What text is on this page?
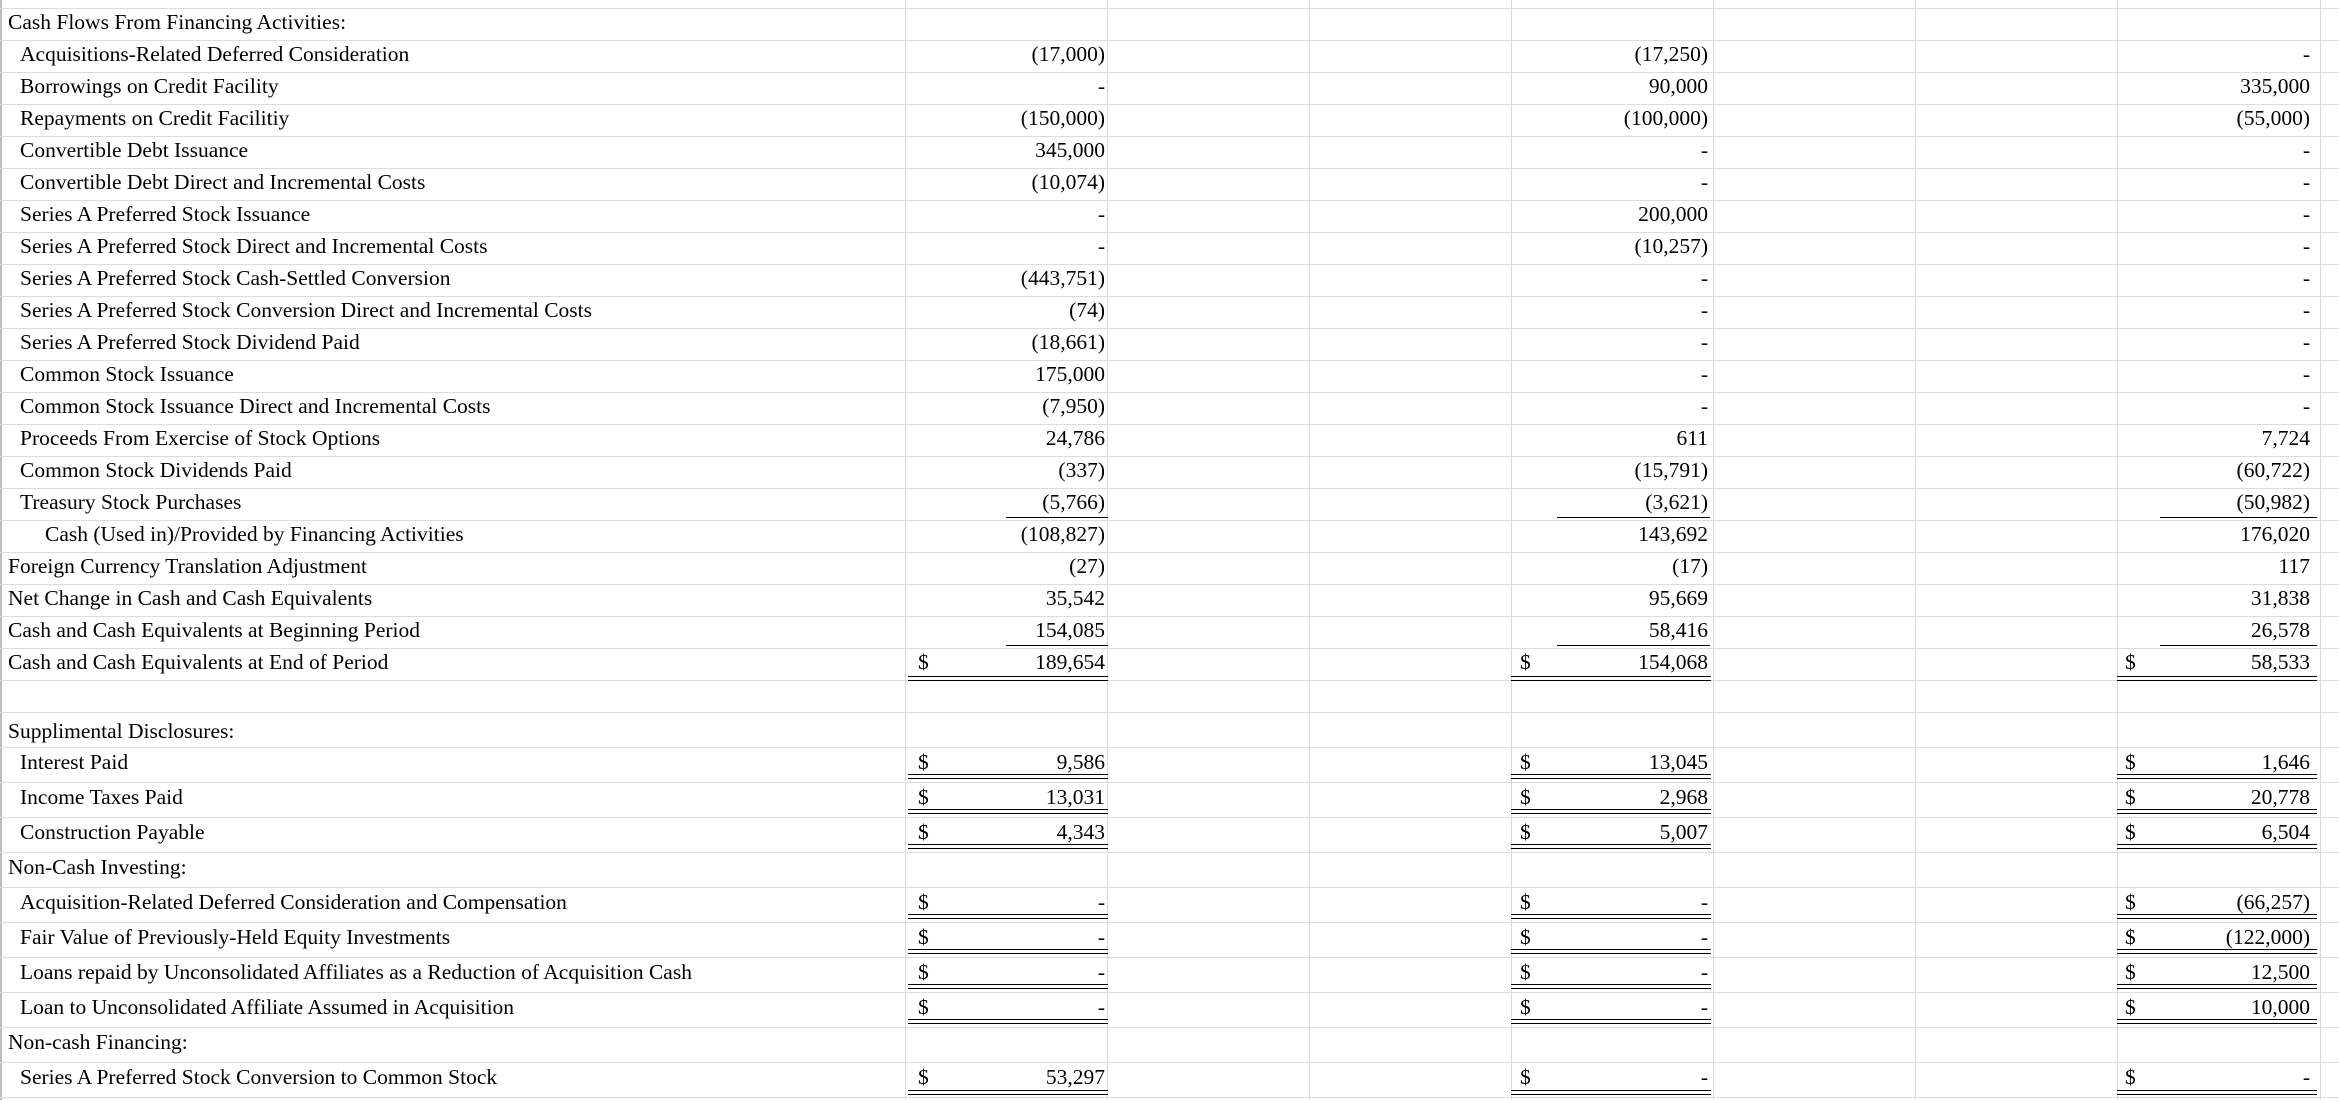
Cash Flows From Financing Activities:
Acquisitions-Related Deferred Consideration	(17,000)	(17,250)	-
Borrowings on Credit Facility	-	90,000	335,000
Repayments on Credit Facilitiy	(150,000)	(100,000)	(55,000)
Convertible Debt Issuance	345,000	-	-
Convertible Debt Direct and Incremental Costs	(10,074)	-	-
Series A Preferred Stock Issuance	-	200,000	-
Series A Preferred Stock Direct and Incremental Costs	-	(10,257)	-
Series A Preferred Stock Cash-Settled Conversion	(443,751)	-	-
Series A Preferred Stock Conversion Direct and Incremental Costs	(74)	-	-
Series A Preferred Stock Dividend Paid	(18,661)	-	-
Common Stock Issuance	175,000	-	-
Common Stock Issuance Direct and Incremental Costs	(7,950)	-	-
Proceeds From Exercise of Stock Options	24,786	611	7,724
Common Stock Dividends Paid	(337)	(15,791)	(60,722)
Treasury Stock Purchases	(5,766)	(3,621)	(50,982)
Cash (Used in)/Provided by Financing Activities	(108,827)	143,692	176,020
Foreign Currency Translation Adjustment	(27)	(17)	117
Net Change in Cash and Cash Equivalents	35,542	95,669	31,838
Cash and Cash Equivalents at Beginning Period	154,085	58,416	26,578
Cash and Cash Equivalents at End of Period	$	189,654	$	154,068	$	58,533
Supplimental Disclosures:
Interest Paid	$	9,586	$	13,045	$	1,646
Income Taxes Paid	$	13,031	$	2,968	$	20,778
Construction Payable	$	4,343	$	5,007	$	6,504
Non-Cash Investing:
Acquisition-Related Deferred Consideration and Compensation	$	-	$	-	$	(66,257)
Fair Value of Previously-Held Equity Investments	$	-	$	-	$	(122,000)
Loans repaid by Unconsolidated Affiliates as a Reduction of Acquisition Cash	$	-	$	-	$	12,500
Loan to Unconsolidated Affiliate Assumed in Acquisition	$	-	$	-	$	10,000
Non-cash Financing:
Series A Preferred Stock Conversion to Common Stock	$	53,297	$	-	$	-
